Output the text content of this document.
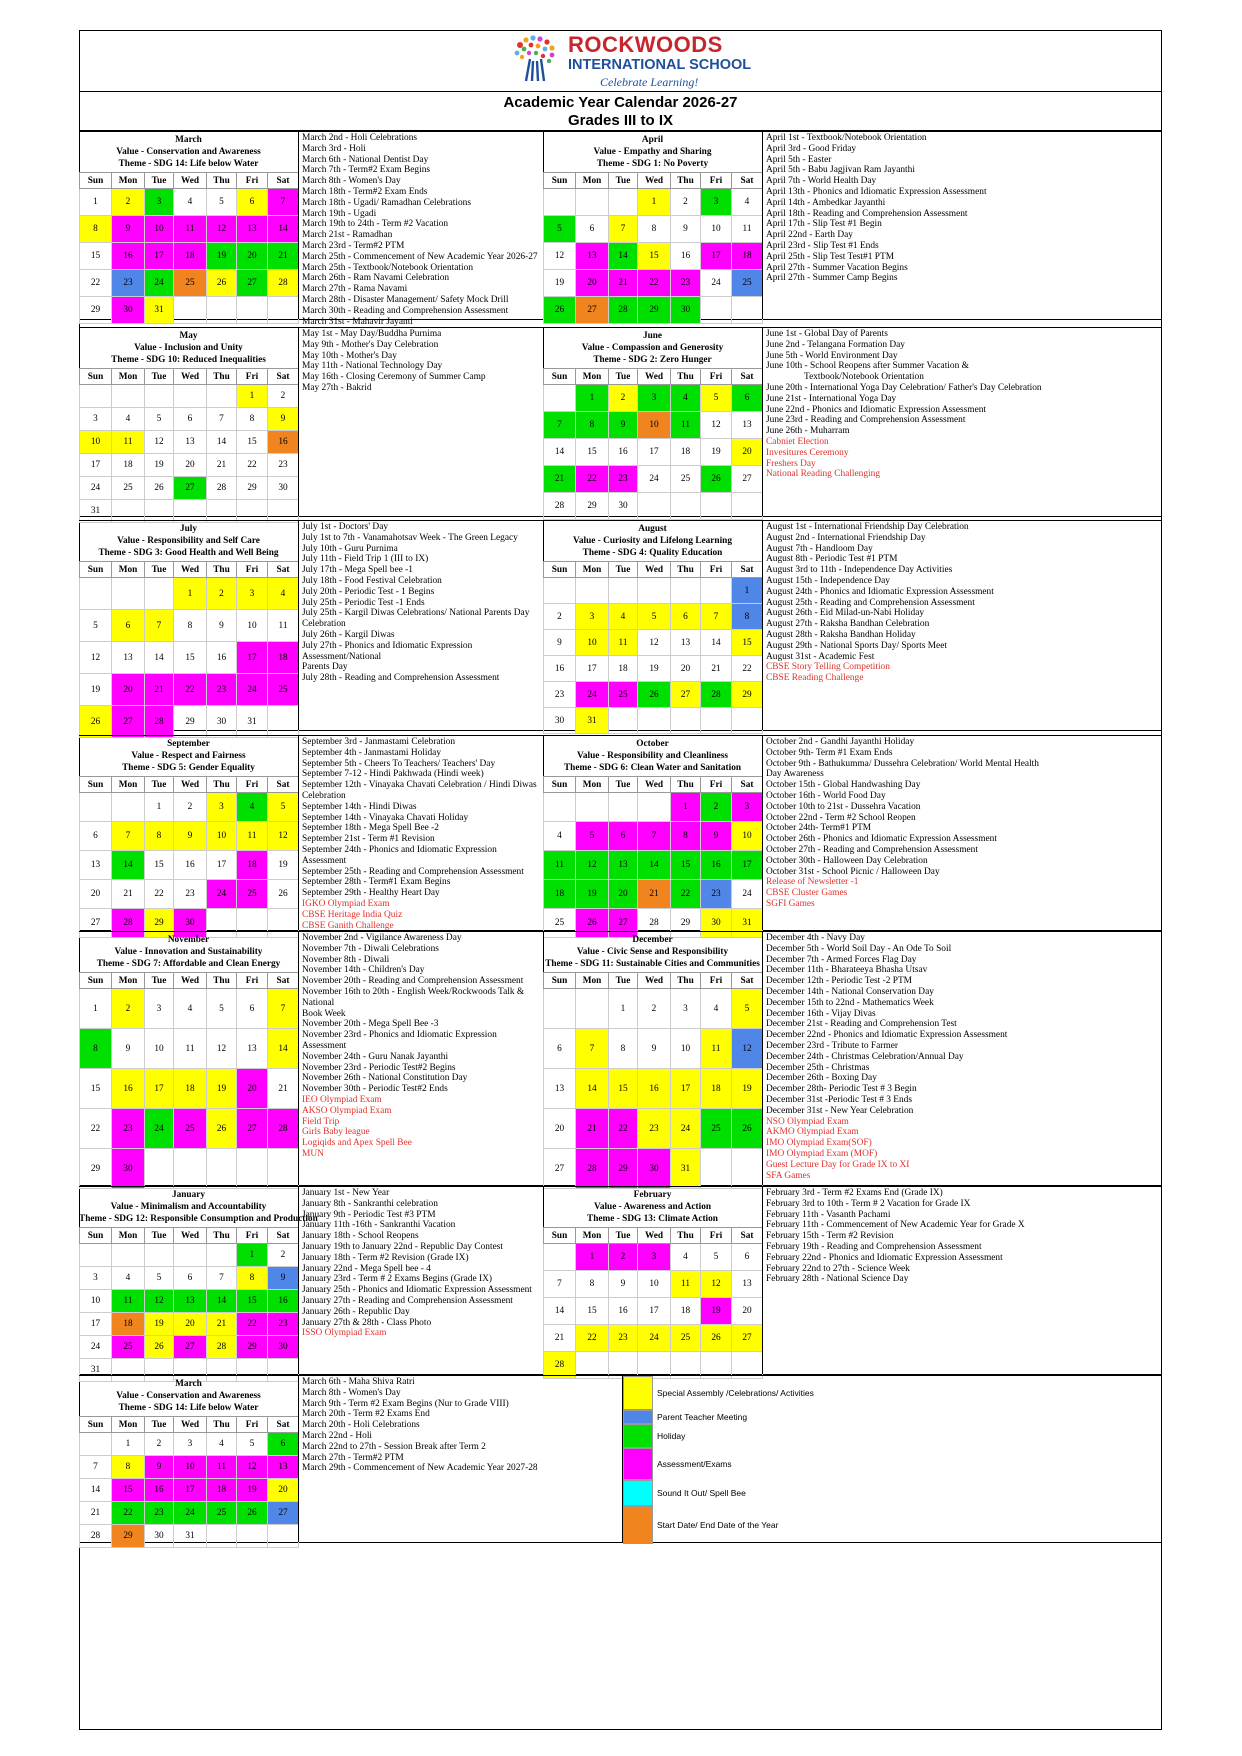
ROCKWOODS
INTERNATIONAL SCHOOL
Celebrate Learning!
Academic Year Calendar 2026-27
Grades III to IX
March
Value - Conservation and Awareness
Theme - SDG 14: Life below Water
Sun	Mon	Tue	Wed	Thu	Fri	Sat
1	2	3	4	5	6	7
8	9	10	11	12	13	14
15	16	17	18	19	20	21
22	23	24	25	26	27	28
29	30	31				
March 2nd - Holi Celebrations
March 3rd - Holi
March 6th - National Dentist Day
March 7th - Term#2 Exam Begins
March 8th - Women's Day
March 18th - Term#2 Exam Ends
March 18th - Ugadi/ Ramadhan Celebrations
March 19th - Ugadi
March 19th to 24th - Term #2 Vacation
March 21st - Ramadhan
March 23rd - Term#2 PTM
March 25th - Commencement of New Academic Year 2026-27
March 25th - Textbook/Notebook Orientation
March 26th - Ram Navami Celebration
March 27th - Rama Navami
March 28th - Disaster Management/ Safety Mock Drill
March 30th - Reading and Comprehension Assessment
March 31st - Mahavir Jayanti
April
Value - Empathy and Sharing
Theme - SDG 1: No Poverty
Sun	Mon	Tue	Wed	Thu	Fri	Sat
			1	2	3	4
5	6	7	8	9	10	11
12	13	14	15	16	17	18
19	20	21	22	23	24	25
26	27	28	29	30		
April 1st - Textbook/Notebook Orientation
April 3rd - Good Friday
April 5th - Easter
April 5th - Babu Jagjivan Ram Jayanthi
April 7th - World Health Day
April 13th - Phonics and Idiomatic Expression Assessment
April 14th - Ambedkar Jayanthi
April 18th - Reading and Comprehension Assessment
April 17th - Slip Test #1 Begin
April 22nd - Earth Day
April 23rd - Slip Test #1 Ends
April 25th - Slip Test Test#1 PTM
April 27th - Summer Vacation Begins
April 27th - Summer Camp Begins
May
Value - Inclusion and Unity
Theme - SDG 10: Reduced Inequalities
Sun	Mon	Tue	Wed	Thu	Fri	Sat
					1	2
3	4	5	6	7	8	9
10	11	12	13	14	15	16
17	18	19	20	21	22	23
24	25	26	27	28	29	30
31						
May 1st - May Day/Buddha Purnima
May 9th - Mother's Day Celebration
May 10th - Mother's Day
May 11th - National Technology Day
May 16th - Closing Ceremony of Summer Camp
May 27th - Bakrid
June
Value - Compassion and Generosity
Theme - SDG 2: Zero Hunger
Sun	Mon	Tue	Wed	Thu	Fri	Sat
	1	2	3	4	5	6
7	8	9	10	11	12	13
14	15	16	17	18	19	20
21	22	23	24	25	26	27
28	29	30				
June 1st - Global Day of Parents
June 2nd - Telangana Formation Day
June 5th - World Environment Day
June 10th - School Reopens after Summer Vacation &
Textbook/Notebook Orientation
June 20th - International Yoga Day Celebration/ Father's Day Celebration
June 21st - International Yoga Day
June 22nd - Phonics and Idiomatic Expression Assessment
June 23rd - Reading and Comprehension Assessment
June 26th - Muharram
Cabniet Election
Invesitures Ceremony
Freshers Day
National Reading Challenging
July
Value - Responsibility and Self Care
Theme - SDG 3: Good Health and Well Being
Sun	Mon	Tue	Wed	Thu	Fri	Sat
			1	2	3	4
5	6	7	8	9	10	11
12	13	14	15	16	17	18
19	20	21	22	23	24	25
26	27	28	29	30	31	
July 1st - Doctors' Day
July 1st to 7th - Vanamahotsav Week - The Green Legacy
July 10th - Guru Purnima
July 11th - Field Trip 1 (III to IX)
July 17th - Mega Spell bee -1
July 18th - Food Festival Celebration
July 20th - Periodic Test - 1 Begins
July 25th - Periodic Test -1 Ends
July 25th - Kargil Diwas Celebrations/ National Parents Day
Celebration
July 26th - Kargil Diwas
July 27th - Phonics and Idiomatic Expression Assessment/National
Parents Day
July 28th - Reading and Comprehension Assessment
August
Value - Curiosity and Lifelong Learning
Theme - SDG 4: Quality Education
Sun	Mon	Tue	Wed	Thu	Fri	Sat
						1
2	3	4	5	6	7	8
9	10	11	12	13	14	15
16	17	18	19	20	21	22
23	24	25	26	27	28	29
30	31					
August 1st - International Friendship Day Celebration
August 2nd - International Friendship Day
August 7th - Handloom Day
August 8th - Periodic Test #1 PTM
August 3rd to 11th - Independence Day Activities
August 15th - Independence Day
August 24th - Phonics and Idiomatic Expression Assessment
August 25th - Reading and Comprehension Assessment
August 26th - Eid Milad-un-Nabi Holiday
August 27th - Raksha Bandhan Celebration
August 28th - Raksha Bandhan Holiday
August 29th - National Sports Day/ Sports Meet
August 31st - Academic Fest
CBSE Story Telling Competition
CBSE Reading Challenge
September
Value - Respect and Fairness
Theme - SDG 5: Gender Equality
Sun	Mon	Tue	Wed	Thu	Fri	Sat
		1	2	3	4	5
6	7	8	9	10	11	12
13	14	15	16	17	18	19
20	21	22	23	24	25	26
27	28	29	30			
September 3rd - Janmastami Celebration
September 4th - Janmastami Holiday
September 5th - Cheers To Teachers/ Teachers' Day
September 7-12 - Hindi Pakhwada (Hindi week)
September 12th - Vinayaka Chavati Celebration / Hindi Diwas
Celebration
September 14th - Hindi Diwas
September 14th - Vinayaka Chavati Holiday
September 18th - Mega Spell Bee -2
September 21st - Term #1 Revision
September 24th - Phonics and Idiomatic Expression Assessment
September 25th - Reading and Comprehension Assessment
September 28th - Term#1 Exam Begins
September 29th - Healthy Heart Day
IGKO Olympiad Exam
CBSE Heritage India Quiz
CBSE Ganith Challenge
October
Value - Responsibility and Cleanliness
Theme - SDG 6: Clean Water and Sanitation
Sun	Mon	Tue	Wed	Thu	Fri	Sat
				1	2	3
4	5	6	7	8	9	10
11	12	13	14	15	16	17
18	19	20	21	22	23	24
25	26	27	28	29	30	31
October 2nd - Gandhi Jayanthi Holiday
October 9th- Term #1 Exam Ends
October 9th - Bathukumma/ Dussehra Celebration/ World Mental Health
Day Awareness
October 15th - Global Handwashing Day
October 16th - World Food Day
October 10th to 21st - Dussehra Vacation
October 22nd - Term #2 School Reopen
October 24th- Term#1 PTM
October 26th - Phonics and Idiomatic Expression Assessment
October 27th - Reading and Comprehension Assessment
October 30th - Halloween Day Celebration
October 31st - School Picnic / Halloween Day
Release of Newsletter -1
CBSE Cluster Games
SGFI Games
November
Value - Innovation and Sustainability
Theme - SDG 7: Affordable and Clean Energy
Sun	Mon	Tue	Wed	Thu	Fri	Sat
1	2	3	4	5	6	7
8	9	10	11	12	13	14
15	16	17	18	19	20	21
22	23	24	25	26	27	28
29	30					
November 2nd - Vigilance Awareness Day
November 7th - Diwali Celebrations
November 8th - Diwali
November 14th - Children's Day
November 20th - Reading and Comprehension Assessment
November 16th to 20th - English Week/Rockwoods Talk & National
Book Week
November 20th - Mega Spell Bee -3
November 23rd - Phonics and Idiomatic Expression Assessment
November 24th - Guru Nanak Jayanthi
November 23rd - Periodic Test#2 Begins
November 26th - National Constitution Day
November 30th - Periodic Test#2 Ends
IEO Olympiad Exam
AKSO Olympiad Exam
Field Trip
Girls Baby league
Logiqids and Apex Spell Bee
MUN
December
Value - Civic Sense and Responsibility
Theme - SDG 11: Sustainable Cities and Communities
Sun	Mon	Tue	Wed	Thu	Fri	Sat
		1	2	3	4	5
6	7	8	9	10	11	12
13	14	15	16	17	18	19
20	21	22	23	24	25	26
27	28	29	30	31		
December 4th - Navy Day
December 5th - World Soil Day - An Ode To Soil
December 7th - Armed Forces Flag Day
December 11th - Bharateeya Bhasha Utsav
December 12th - Periodic Test -2 PTM
December 14th - National Conservation Day
December 15th to 22nd - Mathematics Week
December 16th - Vijay Divas
December 21st - Reading and Comprehension Test
December 22nd - Phonics and Idiomatic Expression Assessment
December 23rd - Tribute to Farmer
December 24th - Christmas Celebration/Annual Day
December 25th - Christmas
December 26th - Boxing Day
December 28th- Periodic Test # 3 Begin
December 31st -Periodic Test # 3 Ends
December 31st - New Year Celebration
NSO Olympiad Exam
AKMO Olympiad Exam
IMO Olympiad Exam(SOF)
IMO Olympiad Exam (MOF)
Guest Lecture Day for Grade IX to XI
SFA Games
January
Value - Minimalism and Accountability
Theme - SDG 12: Responsible Consumption and Production
Sun	Mon	Tue	Wed	Thu	Fri	Sat
					1	2
3	4	5	6	7	8	9
10	11	12	13	14	15	16
17	18	19	20	21	22	23
24	25	26	27	28	29	30
31						
January 1st - New Year
January 8th - Sankranthi celebration
January 9th - Periodic Test #3 PTM
January 11th -16th - Sankranthi Vacation
January 18th - School Reopens
January 19th to January 22nd - Republic Day Contest
January 18th - Term #2 Revision (Grade IX)
January 22nd - Mega Spell bee - 4
January 23rd - Term # 2 Exams Begins (Grade IX)
January 25th - Phonics and Idiomatic Expression Assessment
January 27th - Reading and Comprehension Assessment
January 26th - Republic Day
January 27th & 28th - Class Photo
ISSO Olympiad Exam
February
Value - Awareness and Action
Theme - SDG 13: Climate Action
Sun	Mon	Tue	Wed	Thu	Fri	Sat
	1	2	3	4	5	6
7	8	9	10	11	12	13
14	15	16	17	18	19	20
21	22	23	24	25	26	27
28						
February 3rd - Term #2 Exams End (Grade IX)
February 3rd to 10th - Term # 2 Vacation for Grade IX
February 11th - Vasanth Pachami
February 11th - Commencement of New Academic Year for Grade X
February 15th - Term #2 Revision
February 19th - Reading and Comprehension Assessment
February 22nd - Phonics and Idiomatic Expression Assessment
February 22nd to 27th - Science Week
February 28th - National Science Day
March
Value - Conservation and Awareness
Theme - SDG 14: Life below Water
Sun	Mon	Tue	Wed	Thu	Fri	Sat
	1	2	3	4	5	6
7	8	9	10	11	12	13
14	15	16	17	18	19	20
21	22	23	24	25	26	27
28	29	30	31			
March 6th - Maha Shiva Ratri
March 8th - Women's Day
March 9th - Term #2 Exam Begins (Nur to Grade VIII)
March 20th - Term #2 Exams End
March 20th - Holi Celebrations
March 22nd - Holi
March 22nd to 27th - Session Break after Term 2
March 27th - Term#2 PTM
March 29th - Commencement of New Academic Year 2027-28
Special Assembly /Celebrations/ Activities
Parent Teacher Meeting
Holiday
Assessment/Exams
Sound It Out/ Spell Bee
Start Date/ End Date of the Year
